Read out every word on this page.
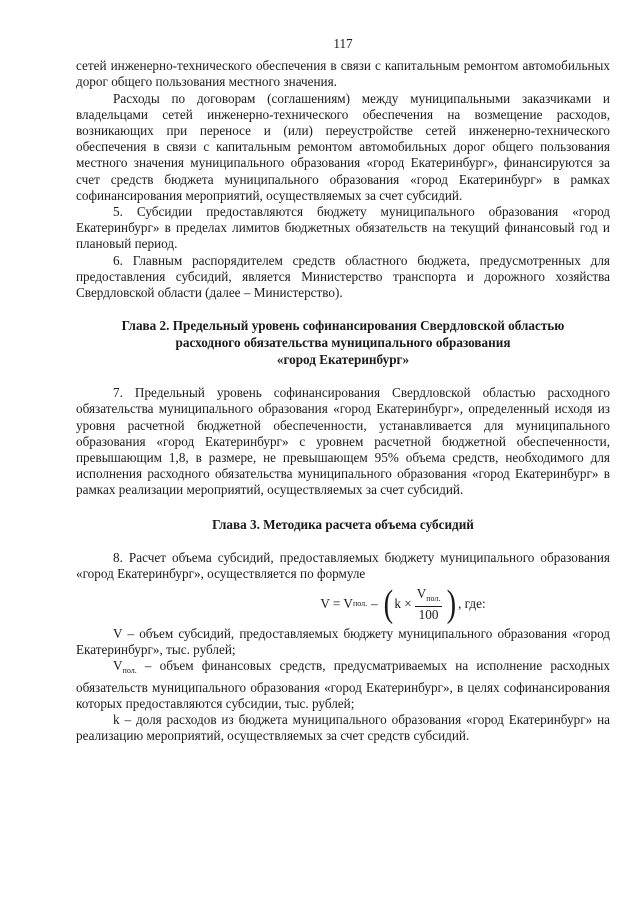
117

сетей инженерно-технического обеспечения в связи с капитальным ремонтом автомобильных дорог общего пользования местного значения.

Расходы по договорам (соглашениям) между муниципальными заказчиками и владельцами сетей инженерно-технического обеспечения на возмещение расходов, возникающих при переносе и (или) переустройстве сетей инженерно-технического обеспечения в связи с капитальным ремонтом автомобильных дорог общего пользования местного значения муниципального образования «город Екатеринбург», финансируются за счет средств бюджета муниципального образования «город Екатеринбург» в рамках софинансирования мероприятий, осуществляемых за счет субсидий.

5. Субсидии предоставляются бюджету муниципального образования «город Екатеринбург» в пределах лимитов бюджетных обязательств на текущий финансовый год и плановый период.

6. Главным распорядителем средств областного бюджета, предусмотренных для предоставления субсидий, является Министерство транспорта и дорожного хозяйства Свердловской области (далее – Министерство).

Глава 2. Предельный уровень софинансирования Свердловской областью
расходного обязательства муниципального образования
«город Екатеринбург»

7. Предельный уровень софинансирования Свердловской областью расходного обязательства муниципального образования «город Екатеринбург», определенный исходя из уровня расчетной бюджетной обеспеченности, устанавливается для муниципального образования «город Екатеринбург» с уровнем расчетной бюджетной обеспеченности, превышающим 1,8, в размере, не превышающем 95% объема средств, необходимого для исполнения расходного обязательства муниципального образования «город Екатеринбург» в рамках реализации мероприятий, осуществляемых за счет субсидий.

Глава 3. Методика расчета объема субсидий

8. Расчет объема субсидий, предоставляемых бюджету муниципального образования «город Екатеринбург», осуществляется по формуле

V = V пол. – ( $k \times \frac{V_{пол.}}{100}$ ) , где:

V – объем субсидий, предоставляемых бюджету муниципального образования «город Екатеринбург», тыс. рублей;

$V_{пол.}$ – объем финансовых средств, предусматриваемых на исполнение расходных обязательств муниципального образования «город Екатеринбург», в целях софинансирования которых предоставляются субсидии, тыс. рублей;

k – доля расходов из бюджета муниципального образования «город Екатеринбург» на реализацию мероприятий, осуществляемых за счет средств субсидий.
